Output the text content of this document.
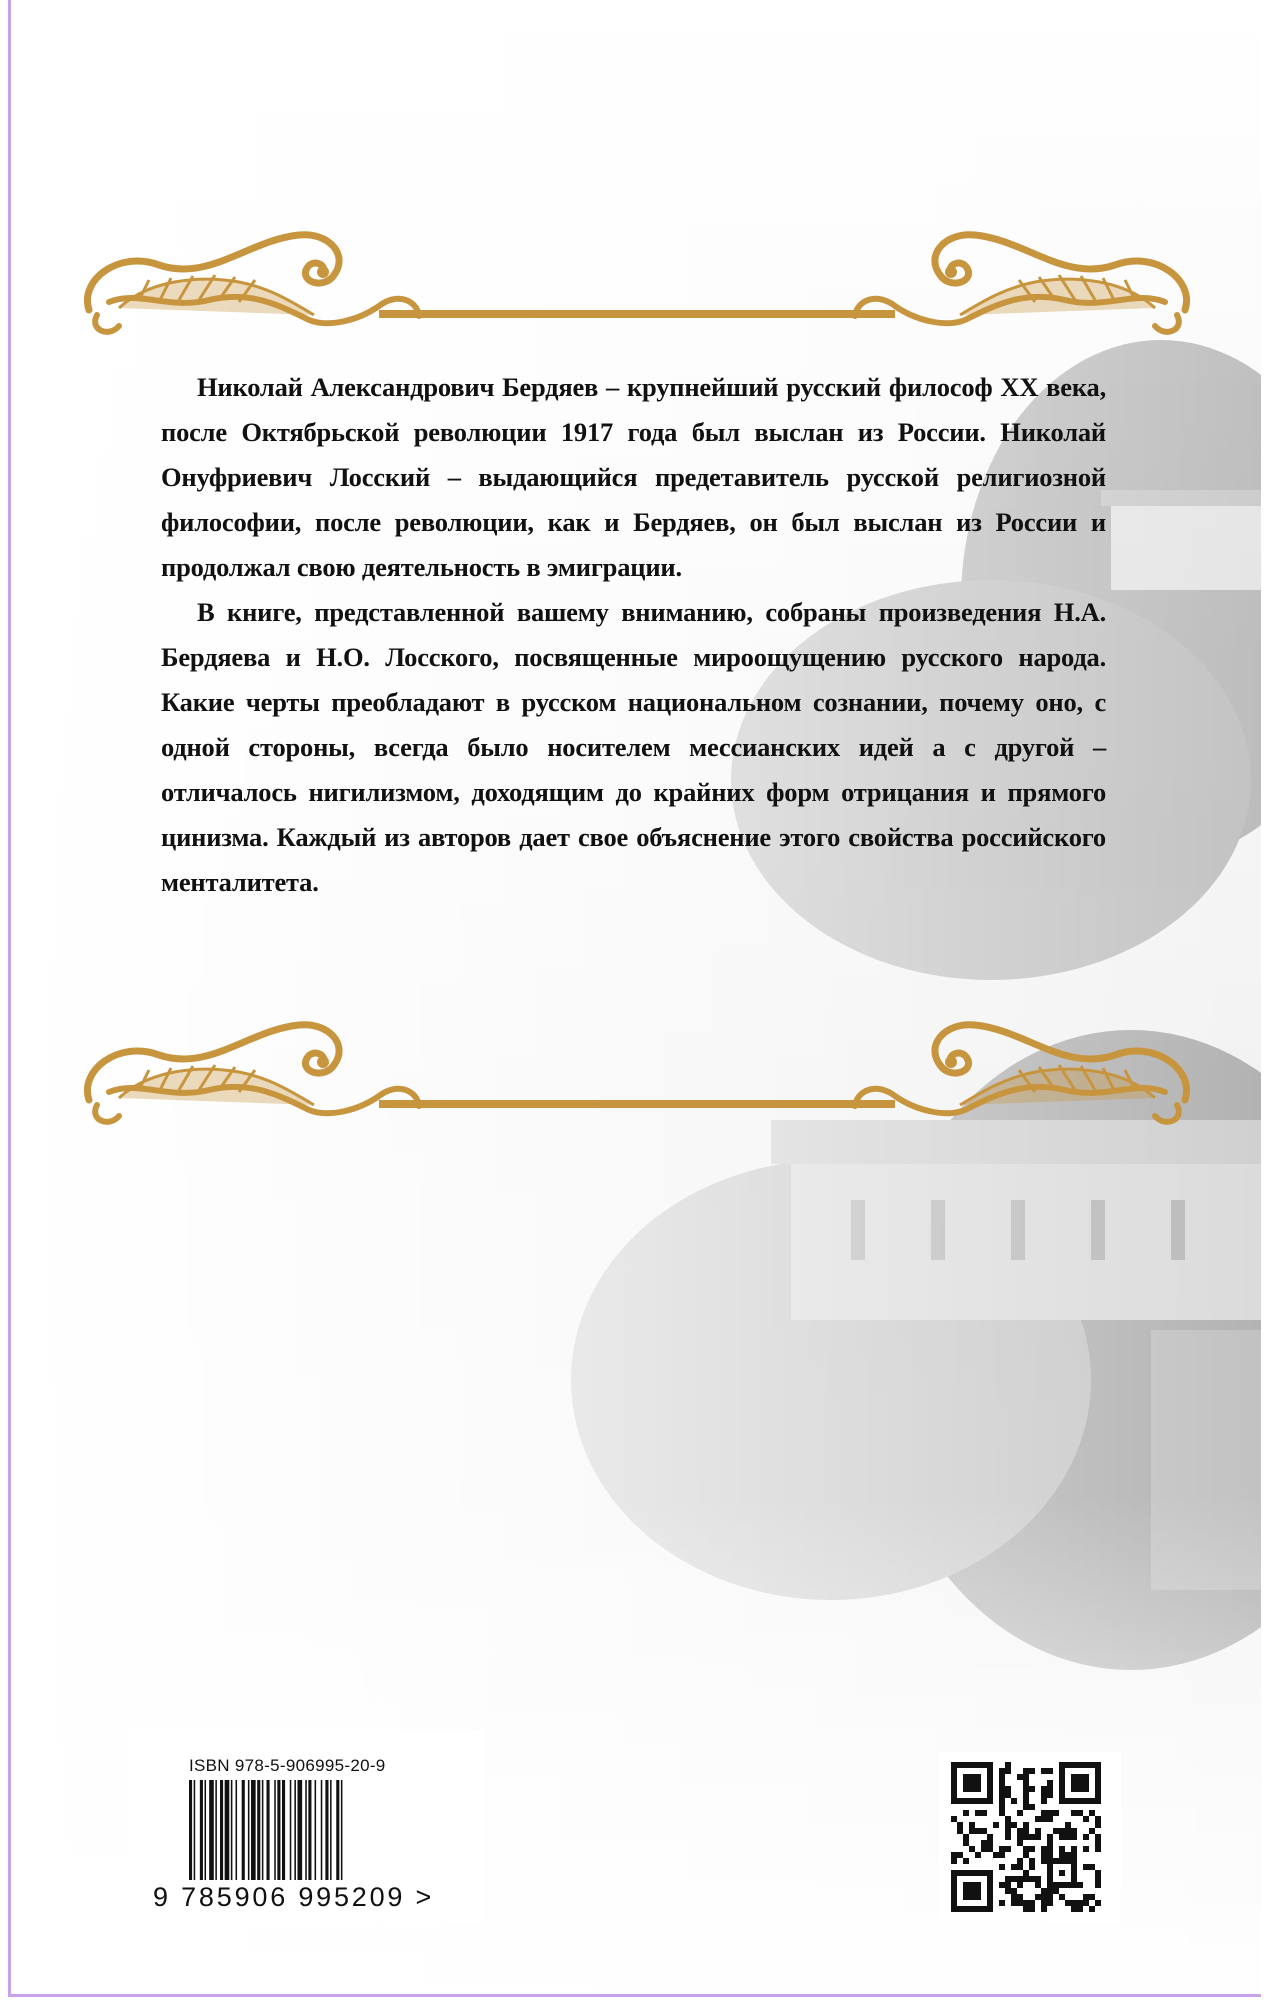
Николай Александрович Бердяев – крупнейший русский философ XX века, после Октябрьской революции 1917 года был выслан из России. Николай Онуфриевич Лосский – выдающийся предетавитель русской религиозной философии, после революции, как и Бердяев, он был выслан из России и продолжал свою деятельность в эмиграции.

В книге, представленной вашему вниманию, собраны произведения Н.А. Бердяева и Н.О. Лосского, посвященные мироощущению русского народа. Какие черты преобладают в русском национальном сознании, почему оно, с одной стороны, всегда было носителем мессианских идей а с другой – отличалось нигилизмом, доходящим до крайних форм отрицания и прямого цинизма. Каждый из авторов дает свое объяснение этого свойства российского менталитета.

ISBN 978-5-906995-20-9
9 785906 995209 >
